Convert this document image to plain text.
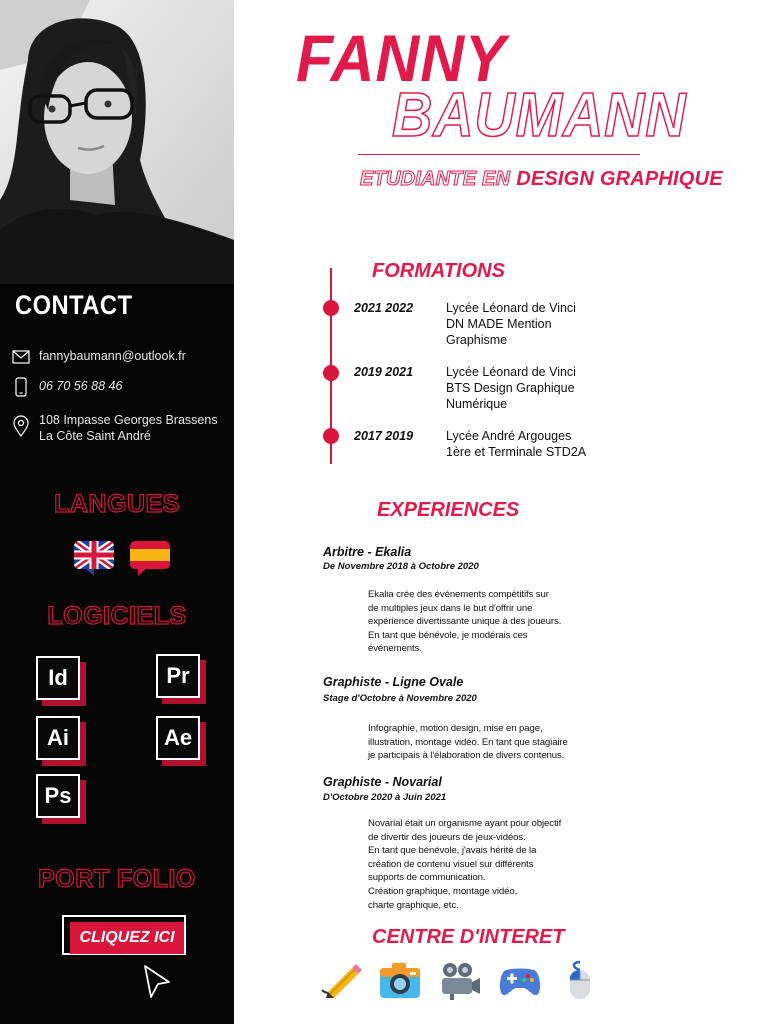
CONTACT
fannybaumann@outlook.fr
06 70 56 88 46
108 Impasse Georges Brassens
La Côte Saint André
LANGUES
LOGICIELS
Id	Pr
Ai	Ae
Ps
PORT FOLIO
CLIQUEZ ICI
FANNY
BAUMANN
ETUDIANTE EN DESIGN GRAPHIQUE
FORMATIONS
2021 2022	Lycée Léonard de Vinci
DN MADE Mention
Graphisme
2019 2021	Lycée Léonard de Vinci
BTS Design Graphique
Numérique
2017 2019	Lycée André Argouges
1ère et Terminale STD2A
EXPERIENCES
Arbitre - Ekalia
De Novembre 2018 à Octobre 2020
Ekalia crée des événements compétitifs sur
de multiples jeux dans le but d'offrir une
expérience divertissante unique à des joueurs.
En tant que bénévole, je modérais ces
événements.
Graphiste - Ligne Ovale
Stage d'Octobre à Novembre 2020
Infographie, motion design, mise en page,
illustration, montage vidéo. En tant que stagiaire
je participais à l'élaboration de divers contenus.
Graphiste - Novarial
D'Octobre 2020 à Juin 2021
Novarial était un organisme ayant pour objectif
de divertir des joueurs de jeux-vidéos.
En tant que bénévole, j'avais hérité de la
création de contenu visuel sur différents
supports de communication.
Création graphique, montage vidéo,
charte graphique, etc.
CENTRE D'INTERET
